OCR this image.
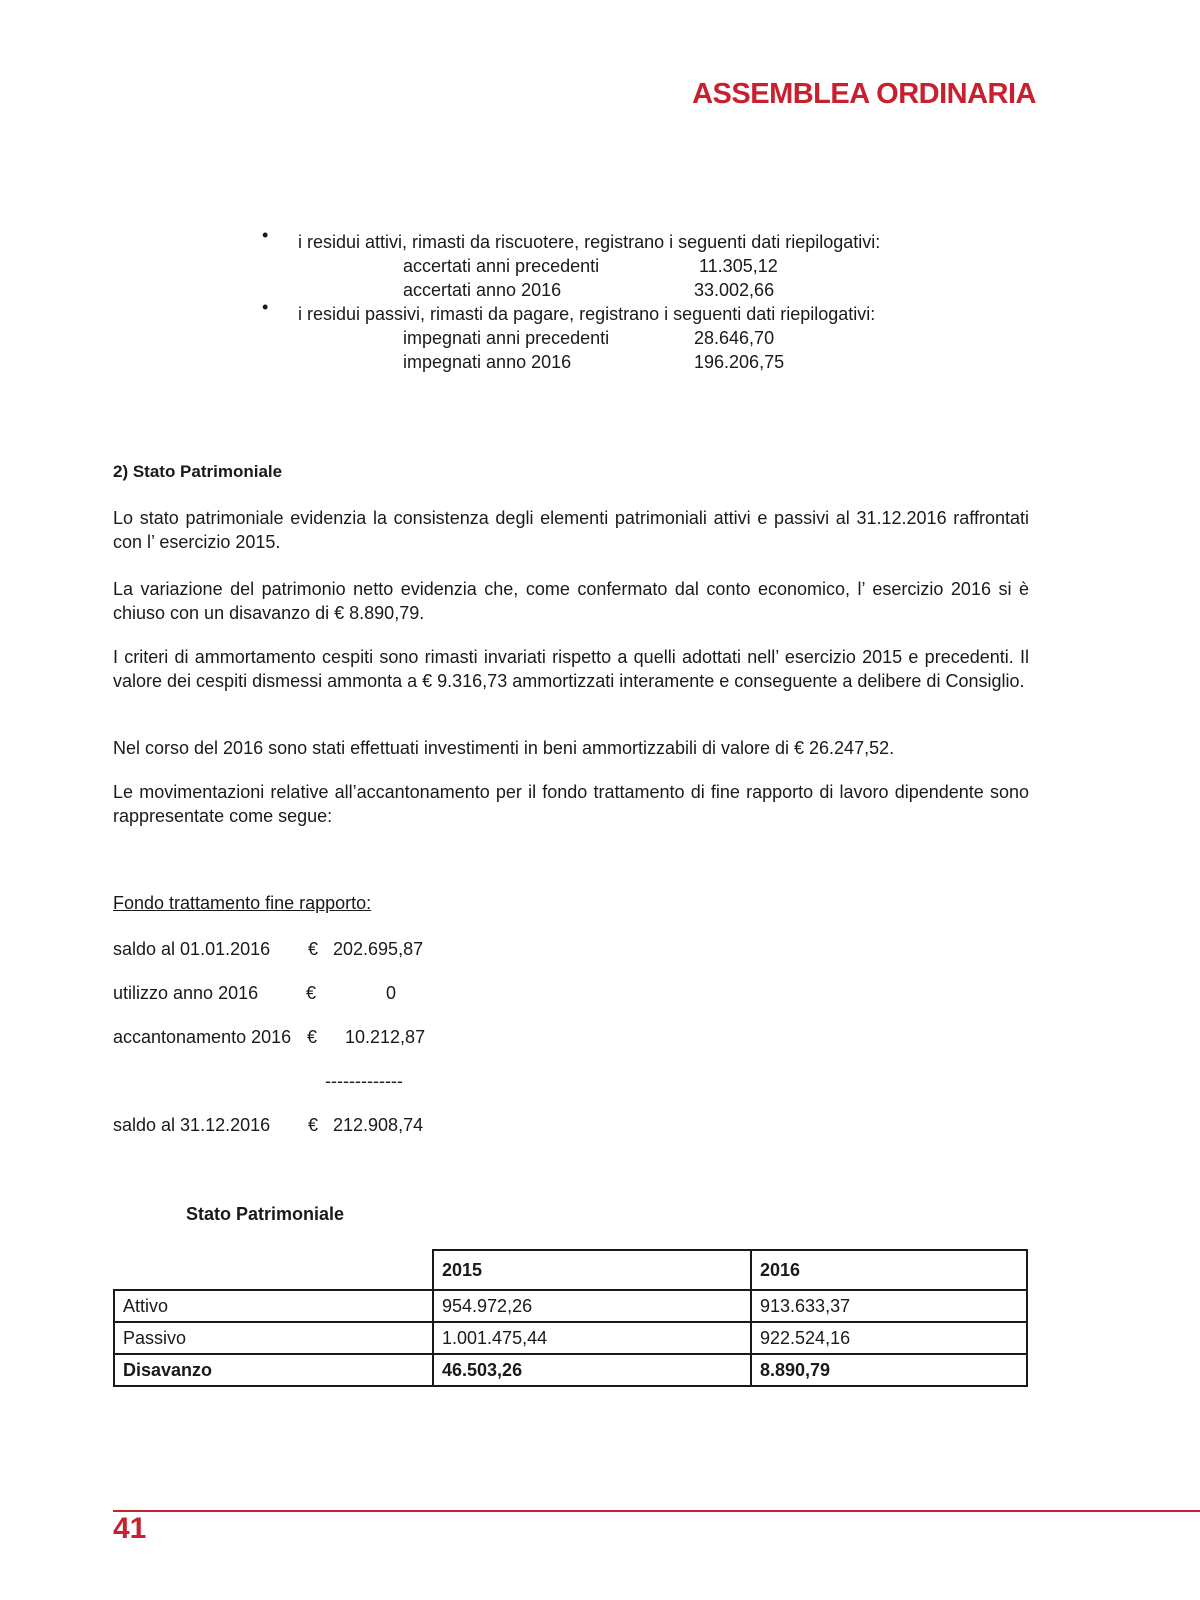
ASSEMBLEA ORDINARIA
• i residui attivi, rimasti da riscuotere, registrano i seguenti dati riepilogativi:
accertati anni precedenti	11.305,12
accertati anno 2016	33.002,66
• i residui passivi, rimasti da pagare, registrano i seguenti dati riepilogativi:
impegnati anni precedenti	28.646,70
impegnati anno 2016	196.206,75
2) Stato Patrimoniale
Lo stato patrimoniale evidenzia la consistenza degli elementi patrimoniali attivi e passivi al 31.12.2016 raffrontati con l’ esercizio 2015.
La variazione del patrimonio netto evidenzia che, come confermato dal conto economico, l’ esercizio 2016 si è chiuso con un disavanzo di € 8.890,79.
I criteri di ammortamento cespiti sono rimasti invariati rispetto a quelli adottati nell’ esercizio 2015 e precedenti. Il valore dei cespiti dismessi ammonta a € 9.316,73 ammortizzati interamente e conseguente a delibere di Consiglio.
Nel corso del 2016 sono stati effettuati investimenti in beni ammortizzabili di valore di € 26.247,52.
Le movimentazioni relative all’accantonamento per il fondo trattamento di fine rapporto di lavoro dipendente sono rappresentate come segue:
Fondo trattamento fine rapporto:
saldo al 01.01.2016 € 202.695,87
utilizzo anno 2016	€	0
accantonamento 2016 € 10.212,87
-------------
saldo al 31.12.2016 € 212.908,74
Stato Patrimoniale
	2015	2016
Attivo	954.972,26	913.633,37
Passivo	1.001.475,44	922.524,16
Disavanzo	46.503,26	8.890,79
41
